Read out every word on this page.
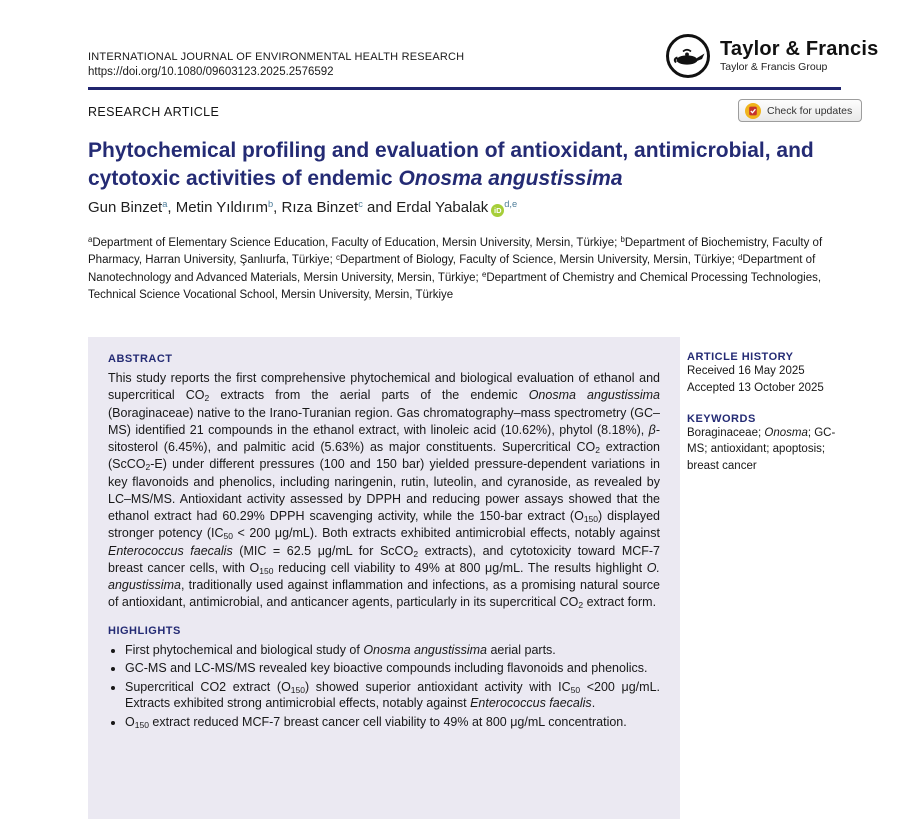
INTERNATIONAL JOURNAL OF ENVIRONMENTAL HEALTH RESEARCH
https://doi.org/10.1080/09603123.2025.2576592
Taylor & Francis
Taylor & Francis Group
RESEARCH ARTICLE	Check for updates
Phytochemical profiling and evaluation of antioxidant, antimicrobial, and cytotoxic activities of endemic Onosma angustissima
Gun Binzet$^a$, Metin Yıldırım$^b$, Rıza Binzet$^c$ and Erdal Yabalak iD$^{d,e}$
$^a$Department of Elementary Science Education, Faculty of Education, Mersin University, Mersin, Türkiye; $^b$Department of Biochemistry, Faculty of Pharmacy, Harran University, Şanlıurfa, Türkiye; $^c$Department of Biology, Faculty of Science, Mersin University, Mersin, Türkiye; $^d$Department of Nanotechnology and Advanced Materials, Mersin University, Mersin, Türkiye; $^e$Department of Chemistry and Chemical Processing Technologies, Technical Science Vocational School, Mersin University, Mersin, Türkiye
ABSTRACT

This study reports the first comprehensive phytochemical and biological evaluation of ethanol and supercritical CO2 extracts from the aerial parts of the endemic Onosma angustissima (Boraginaceae) native to the Irano-Turanian region. Gas chromatography–mass spectrometry (GC–MS) identified 21 compounds in the ethanol extract, with linoleic acid (10.62%), phytol (8.18%), β-sitosterol (6.45%), and palmitic acid (5.63%) as major constituents. Supercritical CO2 extraction (ScCO2-E) under different pressures (100 and 150 bar) yielded pressure-dependent variations in key flavonoids and phenolics, including naringenin, rutin, luteolin, and cyranoside, as revealed by LC–MS/MS. Antioxidant activity assessed by DPPH and reducing power assays showed that the ethanol extract had 60.29% DPPH scavenging activity, while the 150-bar extract (O150) displayed stronger potency (IC50 < 200 μg/mL). Both extracts exhibited antimicrobial effects, notably against Enterococcus faecalis (MIC = 62.5 μg/mL for ScCO2 extracts), and cytotoxicity toward MCF-7 breast cancer cells, with O150 reducing cell viability to 49% at 800 μg/mL. The results highlight O. angustissima, traditionally used against inflammation and infections, as a promising natural source of antioxidant, antimicrobial, and anticancer agents, particularly in its supercritical CO2 extract form.

HIGHLIGHTS
• First phytochemical and biological study of Onosma angustissima aerial parts.
• GC-MS and LC-MS/MS revealed key bioactive compounds including flavonoids and phenolics.
• Supercritical CO2 extract (O150) showed superior antioxidant activity with IC50 <200 μg/mL. Extracts exhibited strong antimicrobial effects, notably against Enterococcus faecalis.
• O150 extract reduced MCF-7 breast cancer cell viability to 49% at 800 μg/mL concentration.
ARTICLE HISTORY
Received 16 May 2025
Accepted 13 October 2025
KEYWORDS
Boraginaceae; Onosma; GC-MS; antioxidant; apoptosis; breast cancer
